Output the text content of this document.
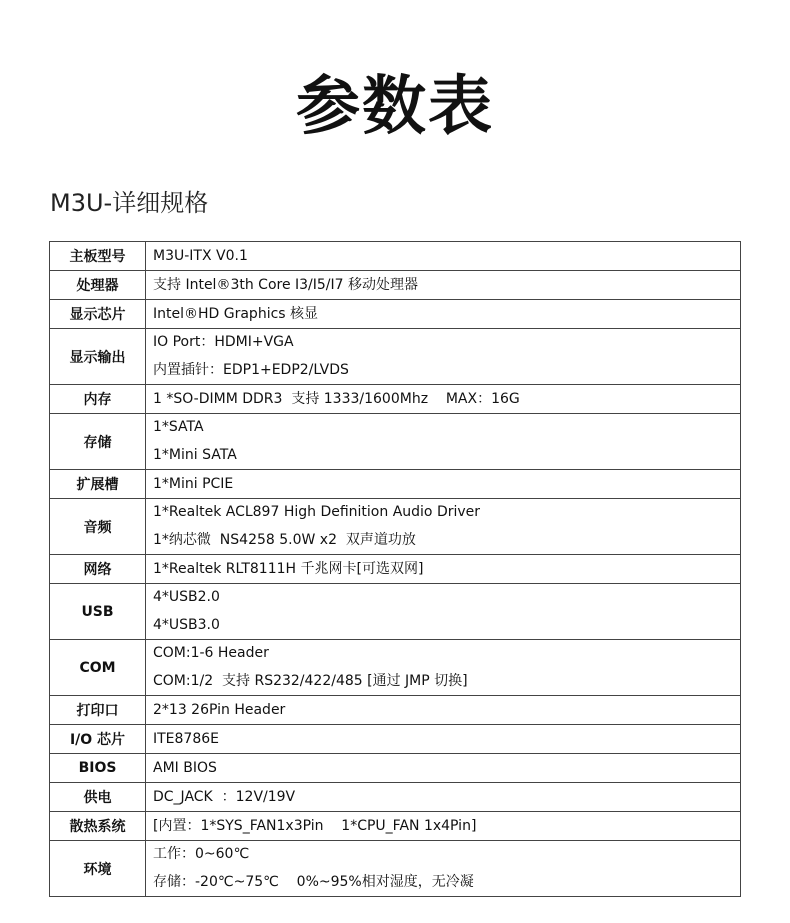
参数表
M3U-详细规格
主板型号	M3U-ITX V0.1

处理器	支持 Intel®3th Core I3/I5/I7 移动处理器

显示芯片	Intel®HD Graphics 核显

显示输出	IO Port：HDMI+VGA
内置插针：EDP1+EDP2/LVDS

内存	1 *SO-DIMM DDR3  支持 1333/1600Mhz    MAX：16G

存储	1*SATA
1*Mini SATA

扩展槽	1*Mini PCIE

音频	1*Realtek ACL897 High Definition Audio Driver
1*纳芯微  NS4258 5.0W x2  双声道功放

网络	1*Realtek RLT8111H 千兆网卡[可选双网]

USB	4*USB2.0
4*USB3.0

COM	COM:1-6 Header
COM:1/2  支持 RS232/422/485 [通过 JMP 切换]

打印口	2*13 26Pin Header

I/O 芯片	ITE8786E

BIOS	AMI BIOS

供电	DC_JACK  ：12V/19V

散热系统	[内置：1*SYS_FAN1x3Pin    1*CPU_FAN 1x4Pin]

环境	工作：0~60℃
存储：-20℃~75℃    0%~95%相对湿度，无冷凝
